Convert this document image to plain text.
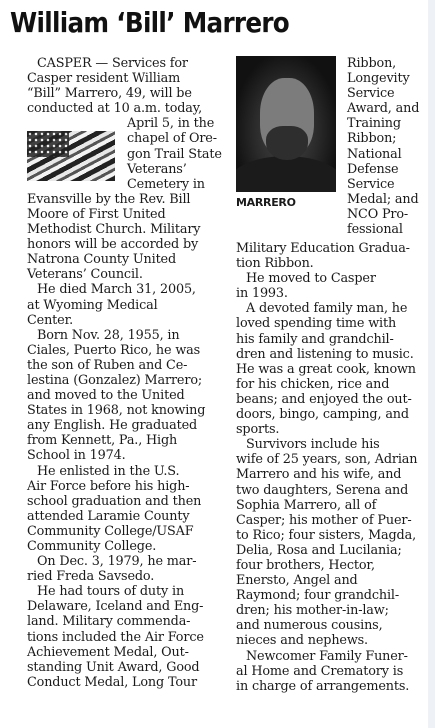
William ‘Bill’ Marrero
MARRERO
CASPER — Services for
Casper resident William
“Bill” Marrero, 49, will be
conducted at 10 a.m. today,
April 5, in the
chapel of Ore-
gon Trail State
Veterans’
Cemetery in
Evansville by the Rev. Bill
Moore of First United
Methodist Church. Military
honors will be accorded by
Natrona County United
Veterans’ Council.
He died March 31, 2005,
at Wyoming Medical
Center.
Born Nov. 28, 1955, in
Ciales, Puerto Rico, he was
the son of Ruben and Ce-
lestina (Gonzalez) Marrero;
and moved to the United
States in 1968, not knowing
any English. He graduated
from Kennett, Pa., High
School in 1974.
He enlisted in the U.S.
Air Force before his high-
school graduation and then
attended Laramie County
Community College/USAF
Community College.
On Dec. 3, 1979, he mar-
ried Freda Savsedo.
He had tours of duty in
Delaware, Iceland and Eng-
land. Military commenda-
tions included the Air Force
Achievement Medal, Out-
standing Unit Award, Good
Conduct Medal, Long Tour
Ribbon,
Longevity
Service
Award, and
Training
Ribbon;
National
Defense
Service
Medal; and
NCO Pro-
fessional
Military Education Gradua-
tion Ribbon.
He moved to Casper
in 1993.
A devoted family man, he
loved spending time with
his family and grandchil-
dren and listening to music.
He was a great cook, known
for his chicken, rice and
beans; and enjoyed the out-
doors, bingo, camping, and
sports.
Survivors include his
wife of 25 years, son, Adrian
Marrero and his wife, and
two daughters, Serena and
Sophia Marrero, all of
Casper; his mother of Puer-
to Rico; four sisters, Magda,
Delia, Rosa and Lucilania;
four brothers, Hector,
Enersto, Angel and
Raymond; four grandchil-
dren; his mother-in-law;
and numerous cousins,
nieces and nephews.
Newcomer Family Funer-
al Home and Crematory is
in charge of arrangements.
